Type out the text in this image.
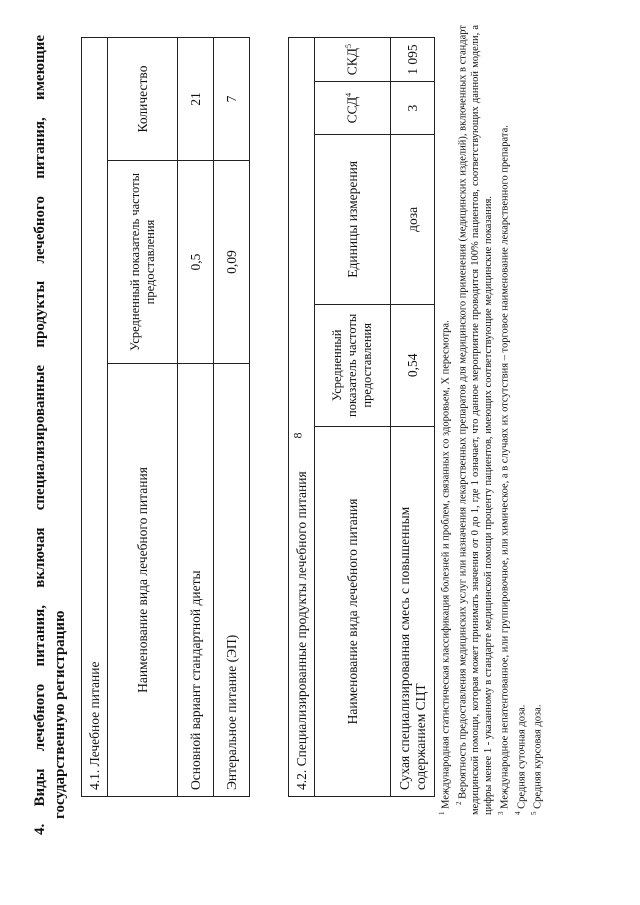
4. Виды лечебного питания, включая специализированные продукты лечебного питания, имеющие государственную регистрацию 4.1. Лечебное питание		
Наименование вида лечебного питания	Усредненный показатель частоты предоставления	Количество
Основной вариант стандартной диеты	0,5	21
Энтеральное питание (ЭП)	0,09	7
4.2. Специализированные продукты лечебного питания				
Наименование вида лечебного питания	Усредненный показатель частоты предоставления	Единицы измерения	ССД$^4$	СКД$^5$
Сухая специализированная смесь с повышенным содержанием СЦТ	0,54	доза	3	1 095

$^1$ Международная статистическая классификация болезней и проблем, связанных со здоровьем, X пересмотра. $^2$ Вероятность предоставления медицинских услуг или назначения лекарственных препаратов для медицинского применения (медицинских изделий), включенных в стандарт медицинской помощи, которая может принимать значения от 0 до 1, где 1 означает, что данное мероприятие проводится 100% пациентов, соответствующих данной модели, а цифры менее 1 - указанному в стандарте медицинской помощи проценту пациентов, имеющих соответствующие медицинские показания. $^3$ Международное непатентованное, или группировочное, или химическое, а в случаях их отсутствия – торговое наименование лекарственного препарата.

$^4$ Средняя суточная доза.

$^5$ Средняя курсовая доза.

8
